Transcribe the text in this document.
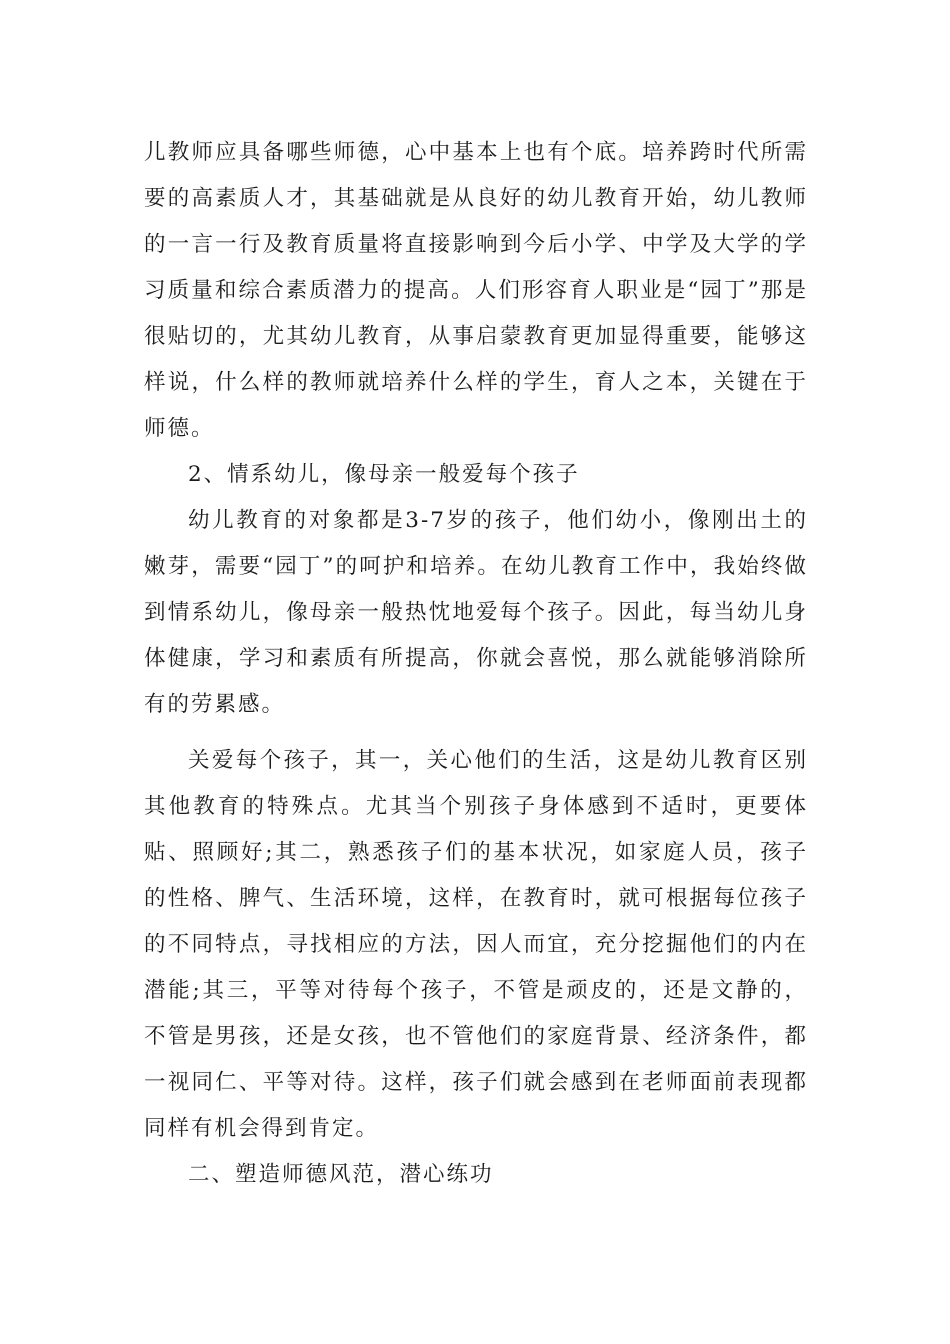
儿教师应具备哪些师德，心中基本上也有个底。培养跨时代所需要的高素质人才，其基础就是从良好的幼儿教育开始，幼儿教师的一言一行及教育质量将直接影响到今后小学、中学及大学的学习质量和综合素质潜力的提高。人们形容育人职业是“园丁”那是很贴切的，尤其幼儿教育，从事启蒙教育更加显得重要，能够这样说，什么样的教师就培养什么样的学生，育人之本，关键在于师德。

2、情系幼儿，像母亲一般爱每个孩子

幼儿教育的对象都是3-7岁的孩子，他们幼小，像刚出土的嫩芽，需要“园丁”的呵护和培养。在幼儿教育工作中，我始终做到情系幼儿，像母亲一般热忱地爱每个孩子。因此，每当幼儿身体健康，学习和素质有所提高，你就会喜悦，那么就能够消除所有的劳累感。

关爱每个孩子，其一，关心他们的生活，这是幼儿教育区别其他教育的特殊点。尤其当个别孩子身体感到不适时，更要体贴、照顾好;其二，熟悉孩子们的基本状况，如家庭人员，孩子的性格、脾气、生活环境，这样，在教育时，就可根据每位孩子的不同特点，寻找相应的方法，因人而宜，充分挖掘他们的内在潜能;其三，平等对待每个孩子，不管是顽皮的，还是文静的，不管是男孩，还是女孩，也不管他们的家庭背景、经济条件，都一视同仁、平等对待。这样，孩子们就会感到在老师面前表现都同样有机会得到肯定。

二、塑造师德风范，潜心练功
